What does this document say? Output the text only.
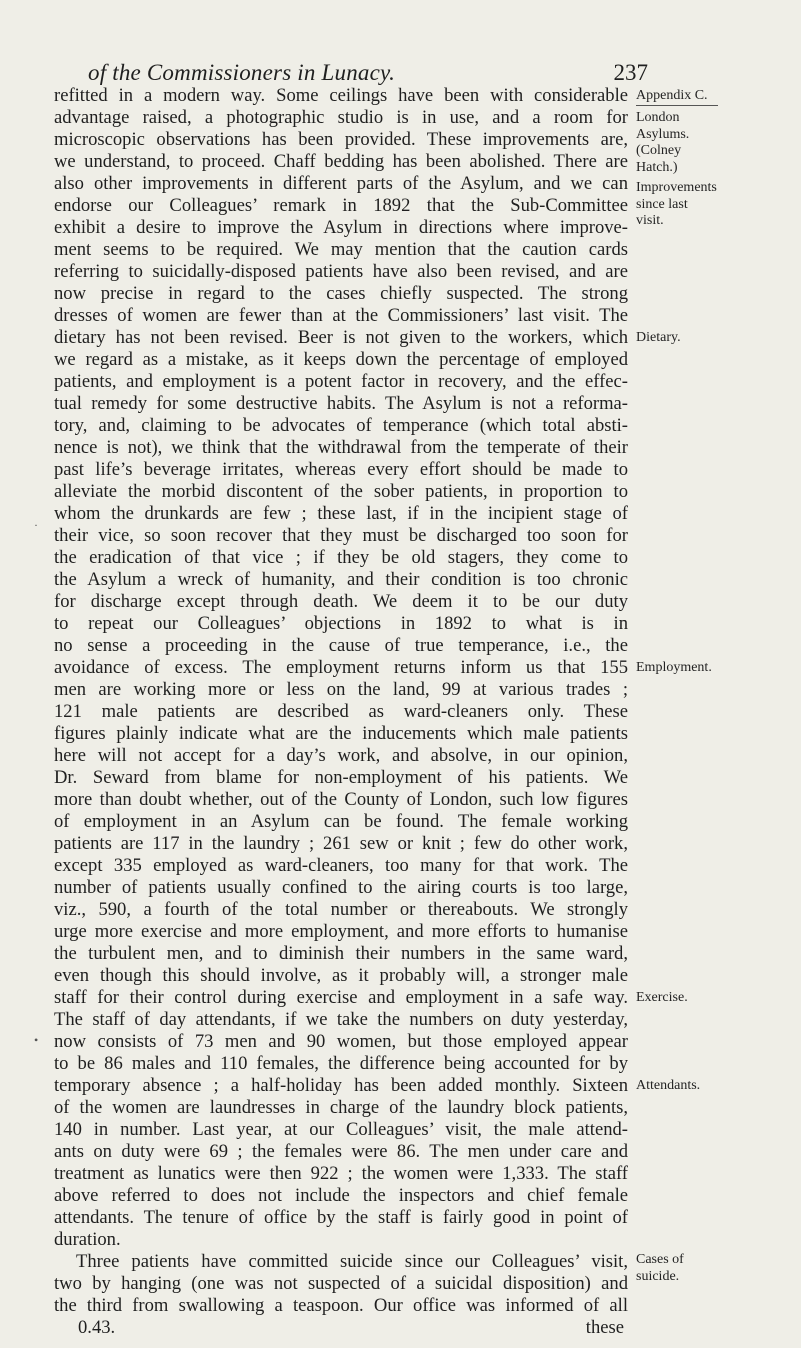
of the Commissioners in Lunacy.	237
refitted in a modern way. Some ceilings have been with considerable
advantage raised, a photographic studio is in use, and a room for
microscopic observations has been provided. These improvements are,
we understand, to proceed. Chaff bedding has been abolished. There are
also other improvements in different parts of the Asylum, and we can
endorse our Colleagues’ remark in 1892 that the Sub-Committee
exhibit a desire to improve the Asylum in directions where improve-
ment seems to be required. We may mention that the caution cards
referring to suicidally-disposed patients have also been revised, and are
now precise in regard to the cases chiefly suspected. The strong
dresses of women are fewer than at the Commissioners’ last visit. The
dietary has not been revised. Beer is not given to the workers, which
we regard as a mistake, as it keeps down the percentage of employed
patients, and employment is a potent factor in recovery, and the effec-
tual remedy for some destructive habits. The Asylum is not a reforma-
tory, and, claiming to be advocates of temperance (which total absti-
nence is not), we think that the withdrawal from the temperate of their
past life’s beverage irritates, whereas every effort should be made to
alleviate the morbid discontent of the sober patients, in proportion to
whom the drunkards are few ; these last, if in the incipient stage of
their vice, so soon recover that they must be discharged too soon for
the eradication of that vice ; if they be old stagers, they come to
the Asylum a wreck of humanity, and their condition is too chronic
for discharge except through death. We deem it to be our duty
to repeat our Colleagues’ objections in 1892 to what is in
no sense a proceeding in the cause of true temperance, i.e., the
avoidance of excess. The employment returns inform us that 155
men are working more or less on the land, 99 at various trades ;
121 male patients are described as ward-cleaners only. These
figures plainly indicate what are the inducements which male patients
here will not accept for a day’s work, and absolve, in our opinion,
Dr. Seward from blame for non-employment of his patients. We
more than doubt whether, out of the County of London, such low figures
of employment in an Asylum can be found. The female working
patients are 117 in the laundry ; 261 sew or knit ; few do other work,
except 335 employed as ward-cleaners, too many for that work. The
number of patients usually confined to the airing courts is too large,
viz., 590, a fourth of the total number or thereabouts. We strongly
urge more exercise and more employment, and more efforts to humanise
the turbulent men, and to diminish their numbers in the same ward,
even though this should involve, as it probably will, a stronger male
staff for their control during exercise and employment in a safe way.
The staff of day attendants, if we take the numbers on duty yesterday,
now consists of 73 men and 90 women, but those employed appear
to be 86 males and 110 females, the difference being accounted for by
temporary absence ; a half-holiday has been added monthly. Sixteen
of the women are laundresses in charge of the laundry block patients,
140 in number. Last year, at our Colleagues’ visit, the male attend-
ants on duty were 69 ; the females were 86. The men under care and
treatment as lunatics were then 922 ; the women were 1,333. The staff
above referred to does not include the inspectors and chief female
attendants. The tenure of office by the staff is fairly good in point of
duration.
Three patients have committed suicide since our Colleagues’ visit,
two by hanging (one was not suspected of a suicidal disposition) and
the third from swallowing a teaspoon. Our office was informed of all
0.43.	these
Appendix C.
London
Asylums.
(Colney
Hatch.)
Improvements
since last
visit.
Dietary.
Employment.
Exercise.
Attendants.
Cases of
suicide.
·
•
